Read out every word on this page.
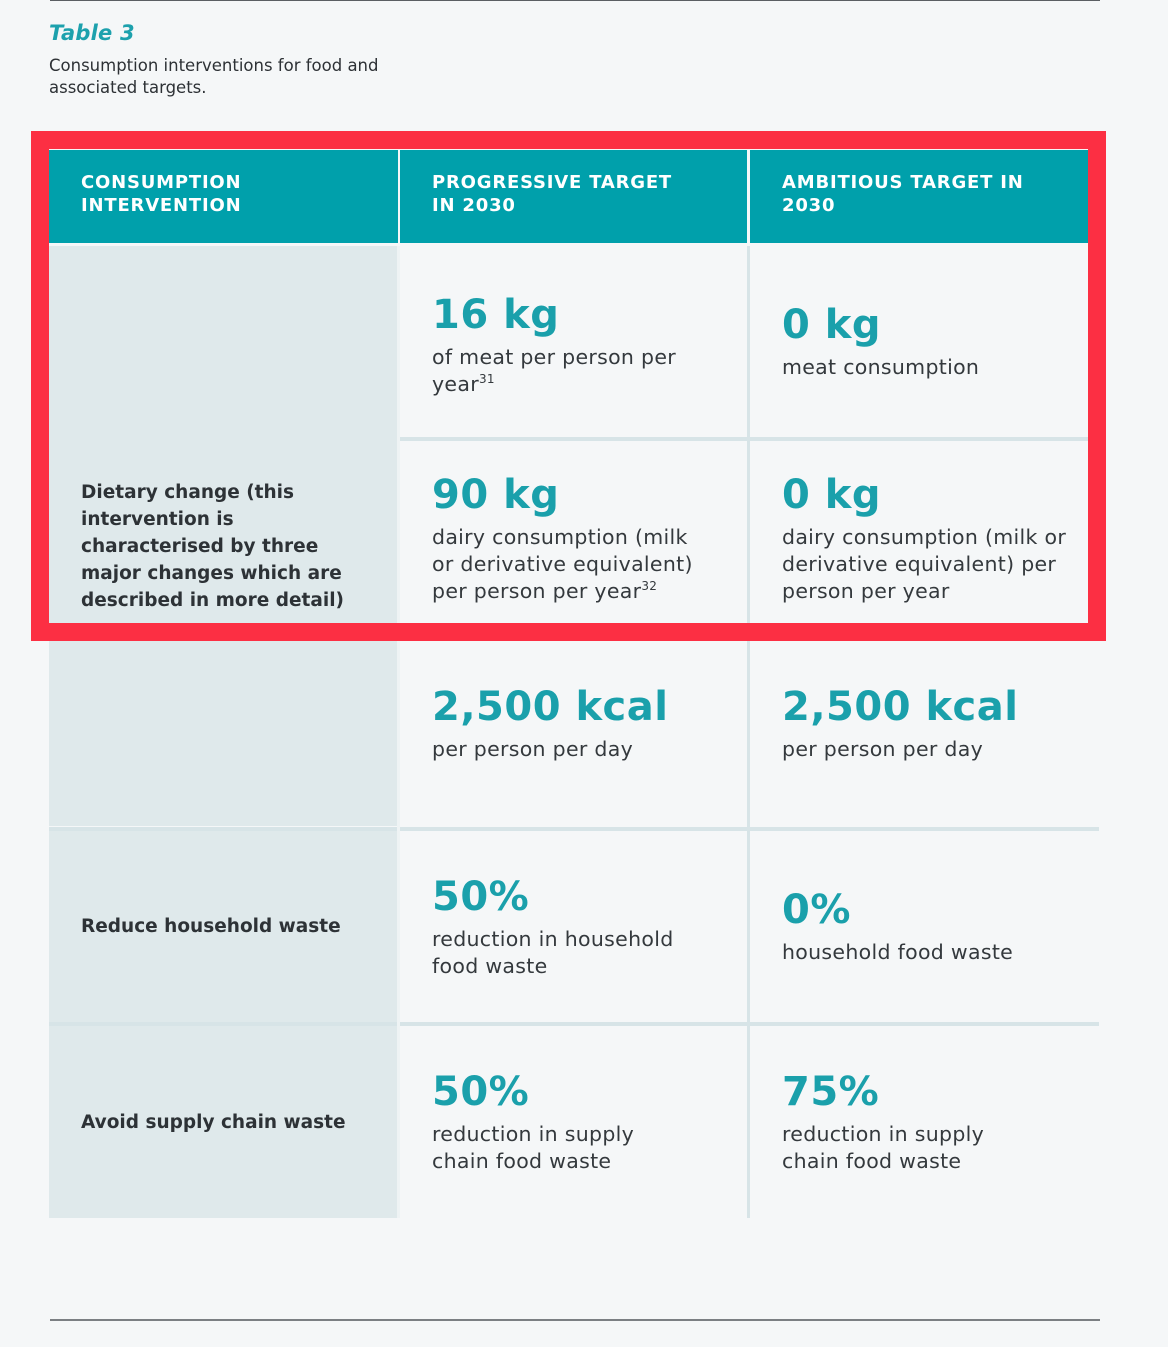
Table 3
Consumption interventions for food and associated targets.
CONSUMPTION INTERVENTION
PROGRESSIVE TARGET IN 2030
AMBITIOUS TARGET IN 2030
Dietary change (this intervention is characterised by three major changes which are described in more detail)
16 kg
of meat per person per year$^{31}$
0 kg
meat consumption
90 kg
dairy consumption (milk or derivative equivalent) per person per year$^{32}$
0 kg
dairy consumption (milk or derivative equivalent) per person per year
2,500 kcal
per person per day
2,500 kcal
per person per day
Reduce household waste
50%
reduction in household food waste
0%
household food waste
Avoid supply chain waste
50%
reduction in supply chain food waste
75%
reduction in supply chain food waste
